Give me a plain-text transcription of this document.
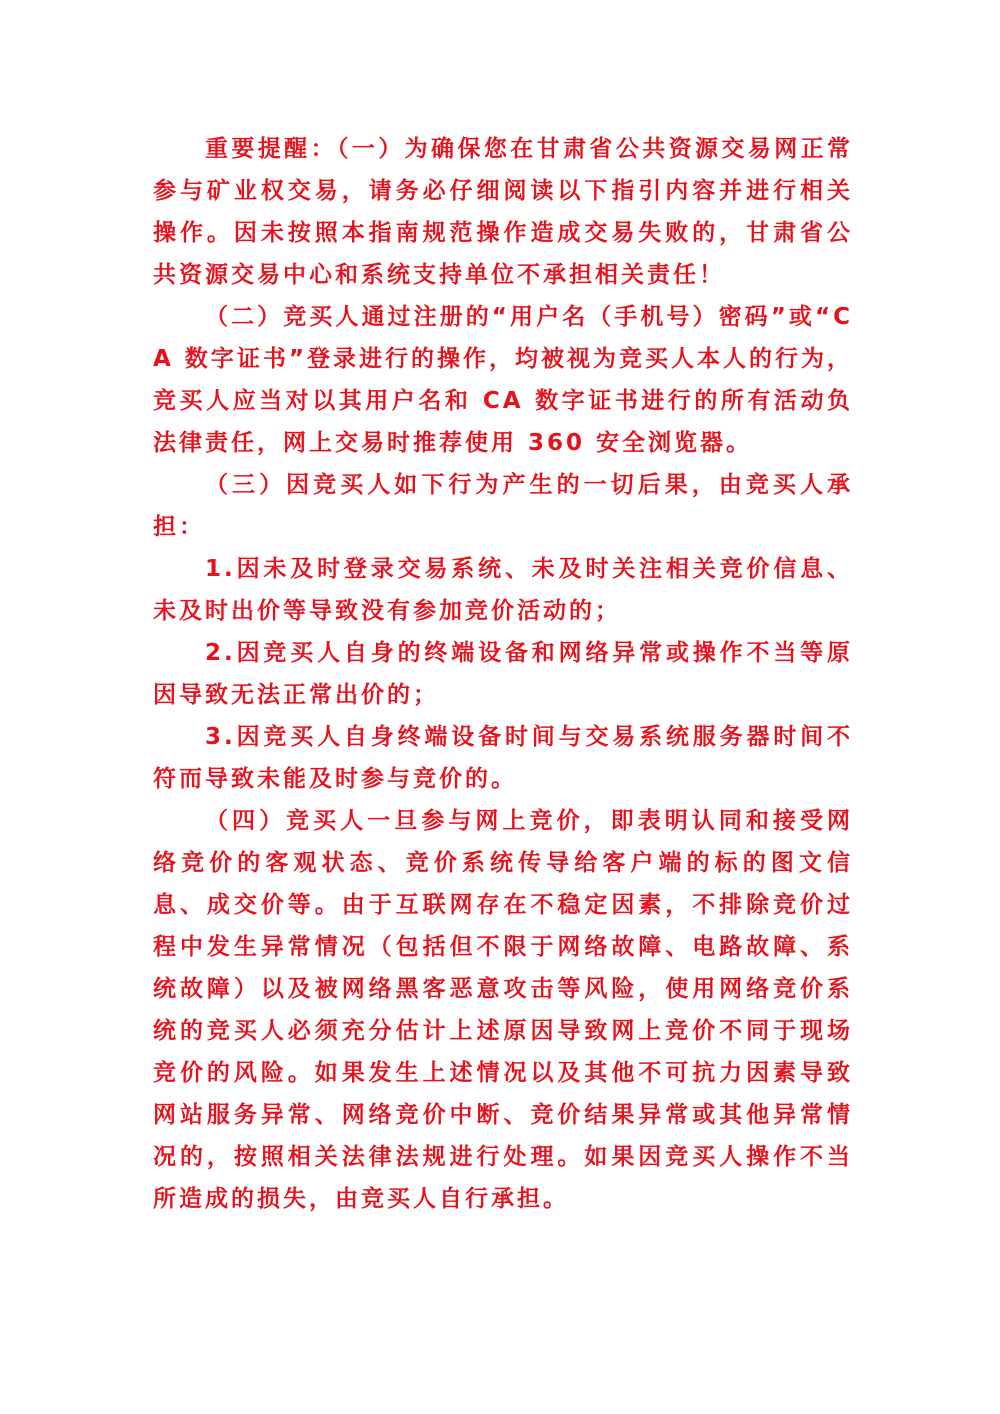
重要提醒：（一）为确保您在甘肃省公共资源交易网正常参与矿业权交易，请务必仔细阅读以下指引内容并进行相关操作。因未按照本指南规范操作造成交易失败的，甘肃省公共资源交易中心和系统支持单位不承担相关责任！

（二）竞买人通过注册的“用户名（手机号）密码”或“CA 数字证书”登录进行的操作，均被视为竞买人本人的行为，竞买人应当对以其用户名和 CA 数字证书进行的所有活动负法律责任，网上交易时推荐使用 360 安全浏览器。

（三）因竞买人如下行为产生的一切后果，由竞买人承担：

1.因未及时登录交易系统、未及时关注相关竞价信息、未及时出价等导致没有参加竞价活动的；

2.因竞买人自身的终端设备和网络异常或操作不当等原因导致无法正常出价的；

3.因竞买人自身终端设备时间与交易系统服务器时间不符而导致未能及时参与竞价的。

（四）竞买人一旦参与网上竞价，即表明认同和接受网络竞价的客观状态、竞价系统传导给客户端的标的图文信息、成交价等。由于互联网存在不稳定因素，不排除竞价过程中发生异常情况（包括但不限于网络故障、电路故障、系统故障）以及被网络黑客恶意攻击等风险，使用网络竞价系统的竞买人必须充分估计上述原因导致网上竞价不同于现场竞价的风险。如果发生上述情况以及其他不可抗力因素导致网站服务异常、网络竞价中断、竞价结果异常或其他异常情况的，按照相关法律法规进行处理。如果因竞买人操作不当所造成的损失，由竞买人自行承担。
